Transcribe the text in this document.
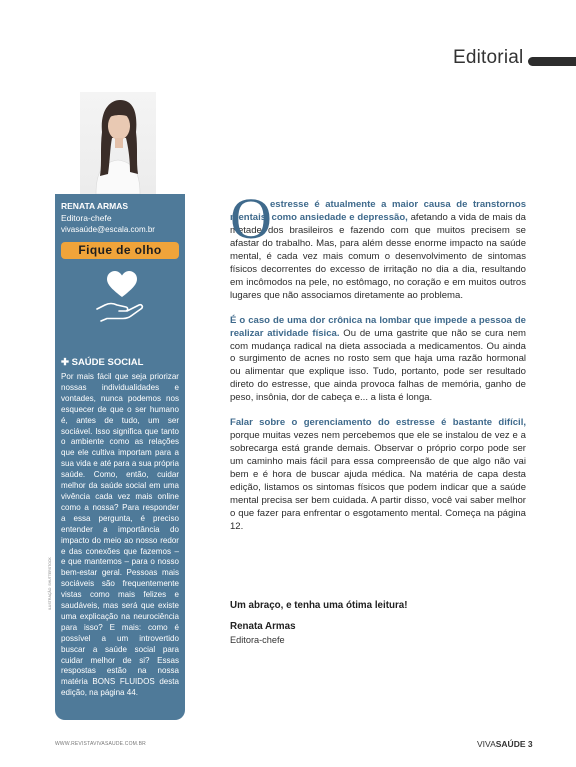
Editorial
RENATA ARMAS
Editora-chefe
vivasaúde@escala.com.br
Fique de olho
✚ SAÚDE SOCIAL
Por mais fácil que seja priorizar nossas individualidades e vontades, nunca podemos nos esquecer de que o ser humano é, antes de tudo, um ser sociável. Isso significa que tanto o ambiente como as relações que ele cultiva importam para a sua vida e até para a sua própria saúde. Como, então, cuidar melhor da saúde social em uma vivência cada vez mais online como a nossa? Para responder a essa pergunta, é preciso entender a importância do impacto do meio ao nosso redor e das conexões que fazemos – e que mantemos – para o nosso bem-estar geral. Pessoas mais sociáveis são frequentemente vistas como mais felizes e saudáveis, mas será que existe uma explicação na neurociência para isso? E mais: como é possível a um introvertido buscar a saúde social para cuidar melhor de si? Essas respostas estão na nossa matéria BONS FLUIDOS desta edição, na página 44.
ILUSTRAÇÃO: SHUTTERSTOCK
O
estresse é atualmente a maior causa de transtornos mentais, como ansiedade e depressão, afetando a vida de mais da metade dos brasileiros e fazendo com que muitos precisem se afastar do trabalho. Mas, para além desse enorme impacto na saúde mental, é cada vez mais comum o desenvolvimento de sintomas físicos decorrentes do excesso de irritação no dia a dia, resultando em incômodos na pele, no estômago, no coração e em muitos outros lugares que não associamos diretamente ao problema.
É o caso de uma dor crônica na lombar que impede a pessoa de realizar atividade física. Ou de uma gastrite que não se cura nem com mudança radical na dieta associada a medicamentos. Ou ainda o surgimento de acnes no rosto sem que haja uma razão hormonal ou alimentar que explique isso. Tudo, portanto, pode ser resultado direto do estresse, que ainda provoca falhas de memória, ganho de peso, insônia, dor de cabeça e... a lista é longa.
Falar sobre o gerenciamento do estresse é bastante difícil, porque muitas vezes nem percebemos que ele se instalou de vez e a sobrecarga está grande demais. Observar o próprio corpo pode ser um caminho mais fácil para essa compreensão de que algo não vai bem e é hora de buscar ajuda médica. Na matéria de capa desta edição, listamos os sintomas físicos que podem indicar que a saúde mental precisa ser bem cuidada. A partir disso, você vai saber melhor o que fazer para enfrentar o esgotamento mental. Começa na página 12.
Um abraço, e tenha uma ótima leitura!
Renata Armas
Editora-chefe
WWW.REVISTAVIVASAUDE.COM.BR	VIVASAÚDE 3
